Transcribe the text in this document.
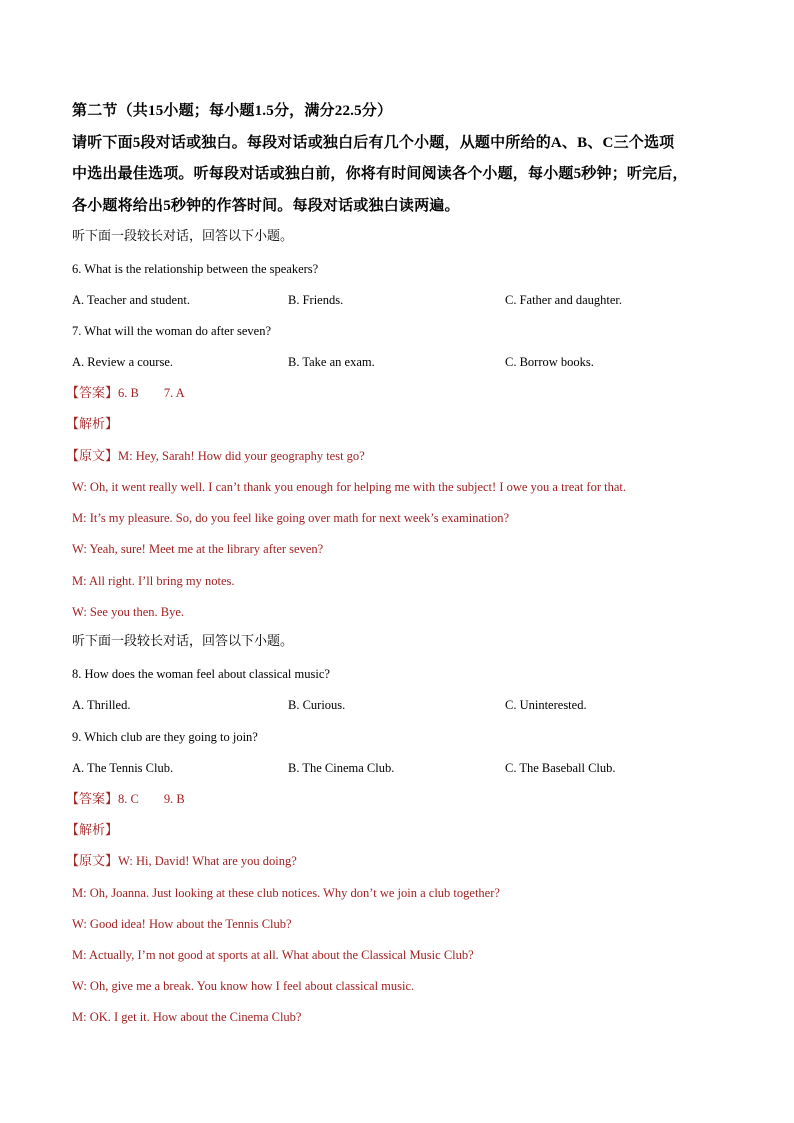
第二节（共15小题；每小题1.5分，满分22.5分）
请听下面5段对话或独白。每段对话或独白后有几个小题，从题中所给的A、B、C三个选项
中选出最佳选项。听每段对话或独白前，你将有时间阅读各个小题，每小题5秒钟；听完后，
各小题将给出5秒钟的作答时间。每段对话或独白读两遍。
听下面一段较长对话，回答以下小题。
6. What is the relationship between the speakers?
A. Teacher and student.	B. Friends.	C. Father and daughter.
7. What will the woman do after seven?
A. Review a course.	B. Take an exam.	C. Borrow books.
【答案】6. B        7. A
【解析】
【原文】M: Hey, Sarah! How did your geography test go?
W: Oh, it went really well. I can’t thank you enough for helping me with the subject! I owe you a treat for that.
M: It’s my pleasure. So, do you feel like going over math for next week’s examination?
W: Yeah, sure! Meet me at the library after seven?
M: All right. I’ll bring my notes.
W: See you then. Bye.
听下面一段较长对话，回答以下小题。
8. How does the woman feel about classical music?
A. Thrilled.	B. Curious.	C. Uninterested.
9. Which club are they going to join?
A. The Tennis Club.	B. The Cinema Club.	C. The Baseball Club.
【答案】8. C        9. B
【解析】
【原文】W: Hi, David! What are you doing?
M: Oh, Joanna. Just looking at these club notices. Why don’t we join a club together?
W: Good idea! How about the Tennis Club?
M: Actually, I’m not good at sports at all. What about the Classical Music Club?
W: Oh, give me a break. You know how I feel about classical music.
M: OK. I get it. How about the Cinema Club?
